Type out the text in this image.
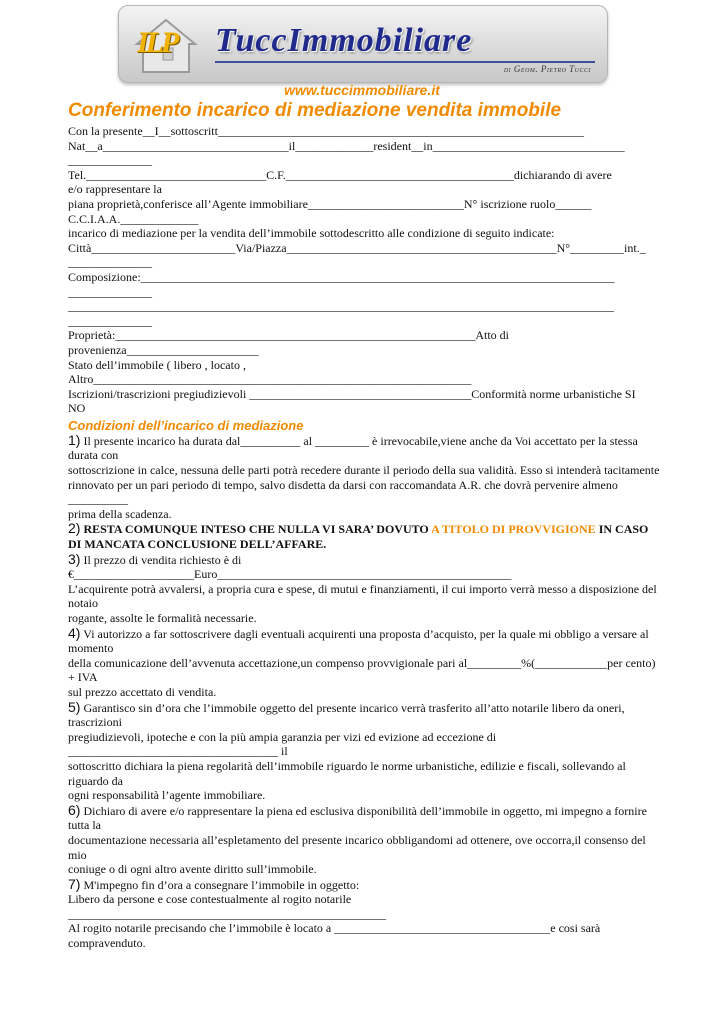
ILP TuccImmobiliare
di Geom. Pietro Tucci
www.tuccimmobiliare.it
Conferimento incarico di mediazione vendita immobile

Con la presente__I__sottoscritt_____________________________________________________________

Nat__a_______________________________il_____________resident__in________________________________

______________

Tel.______________________________C.F.______________________________________dichiarando di avere

e/o rappresentare la

piana proprietà,conferisce all’Agente immobiliare__________________________N° iscrizione ruolo______

C.C.I.A.A._____________

incarico di mediazione per la vendita dell’immobile sottodescritto alle condizione di seguito indicate:

Città________________________Via/Piazza_____________________________________________N°_________int._

______________

Composizione:_______________________________________________________________________________

______________

___________________________________________________________________________________________

______________

Proprietà:____________________________________________________________Atto di

provenienza______________________

Stato dell’immobile ( libero , locato ,

Altro_______________________________________________________________

Iscrizioni/trascrizioni pregiudizievoli _____________________________________Conformità norme urbanistiche SI

NO

Condizioni dell’incarico di mediazione

1) Il presente incarico ha durata dal__________ al _________ è irrevocabile,viene anche da Voi accettato per la stessa durata con

sottoscrizione in calce, nessuna delle parti potrà recedere durante il periodo della sua validità. Esso si intenderà tacitamente

rinnovato per un pari periodo di tempo, salvo disdetta da darsi con raccomandata A.R. che dovrà pervenire almeno __________

prima della scadenza.

2) RESTA COMUNQUE INTESO CHE NULLA VI SARA’ DOVUTO A TITOLO DI PROVVIGIONE IN CASO DI MANCATA CONCLUSIONE DELL’AFFARE.

3) Il prezzo di vendita richiesto è di

€____________________Euro_________________________________________________

L’acquirente potrà avvalersi, a propria cura e spese, di mutui e finanziamenti, il cui importo verrà messo a disposizione del notaio

rogante, assolte le formalità necessarie.

4) Vi autorizzo a far sottoscrivere dagli eventuali acquirenti una proposta d’acquisto, per la quale mi obbligo a versare al momento

della comunicazione dell’avvenuta accettazione,un compenso provvigionale pari al_________%(____________per cento) + IVA

sul prezzo accettato di vendita.

5) Garantisco sin d’ora che l’immobile oggetto del presente incarico verrà trasferito all’atto notarile libero da oneri, trascrizioni

pregiudizievoli, ipoteche e con la più ampia garanzia per vizi ed evizione ad eccezione di

___________________________________ il

sottoscritto dichiara la piena regolarità dell’immobile riguardo le norme urbanistiche, edilizie e fiscali, sollevando al riguardo da

ogni responsabilità l’agente immobiliare.

6) Dichiaro di avere e/o rappresentare la piena ed esclusiva disponibilità dell’immobile in oggetto, mi impegno a fornire tutta la

documentazione necessaria all’espletamento del presente incarico obbligandomi ad ottenere, ove occorra,il consenso del mio

coniuge o di ogni altro avente diritto sull’immobile.

7) M'impegno fin d’ora a consegnare l’immobile in oggetto:

Libero da persone e cose contestualmente al rogito notarile

_____________________________________________________

Al rogito notarile precisando che l’immobile è locato a ____________________________________e cosi sarà compravenduto.
